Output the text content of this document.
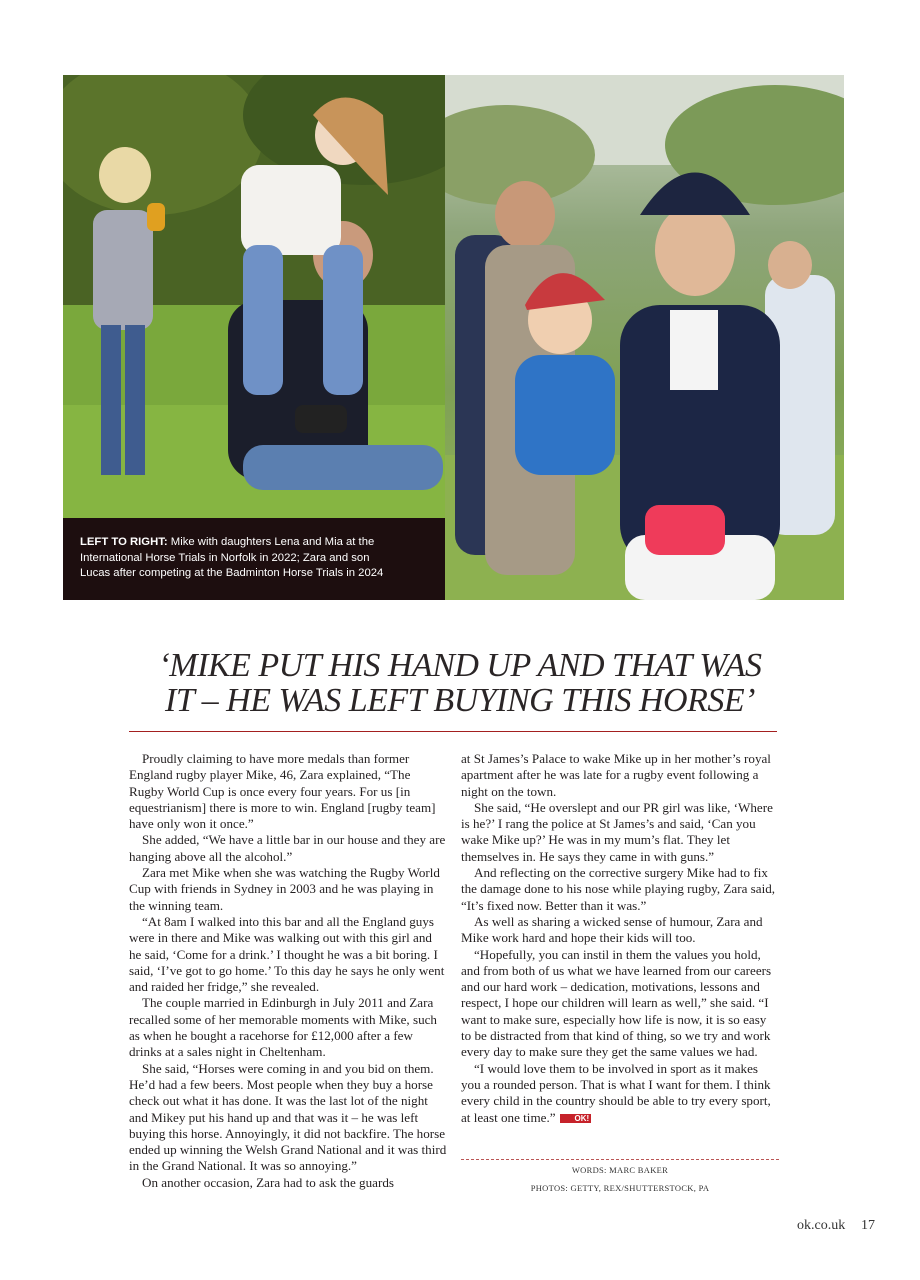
LEFT TO RIGHT: Mike with daughters Lena and Mia at the
International Horse Trials in Norfolk in 2022; Zara and son
Lucas after competing at the Badminton Horse Trials in 2024
‘MIKE PUT HIS HAND UP AND THAT WAS
IT – HE WAS LEFT BUYING THIS HORSE’

Proudly claiming to have more medals than former England rugby player Mike, 46, Zara explained, “The Rugby World Cup is once every four years. For us [in equestrianism] there is more to win. England [rugby team] have only won it once.”

She added, “We have a little bar in our house and they are hanging above all the alcohol.”

Zara met Mike when she was watching the Rugby World Cup with friends in Sydney in 2003 and he was playing in the winning team.

“At 8am I walked into this bar and all the England guys were in there and Mike was walking out with this girl and he said, ‘Come for a drink.’ I thought he was a bit boring. I said, ‘I’ve got to go home.’ To this day he says he only went and raided her fridge,” she revealed.

The couple married in Edinburgh in July 2011 and Zara recalled some of her memorable moments with Mike, such as when he bought a racehorse for £12,000 after a few drinks at a sales night in Cheltenham.

She said, “Horses were coming in and you bid on them. He’d had a few beers. Most people when they buy a horse check out what it has done. It was the last lot of the night and Mikey put his hand up and that was it – he was left buying this horse. Annoyingly, it did not backfire. The horse ended up winning the Welsh Grand National and it was third in the Grand National. It was so annoying.”

On another occasion, Zara had to ask the guards

at St James’s Palace to wake Mike up in her mother’s royal apartment after he was late for a rugby event following a night on the town.

She said, “He overslept and our PR girl was like, ‘Where is he?’ I rang the police at St James’s and said, ‘Can you wake Mike up?’ He was in my mum’s flat. They let themselves in. He says they came in with guns.”

And reflecting on the corrective surgery Mike had to fix the damage done to his nose while playing rugby, Zara said, “It’s fixed now. Better than it was.”

As well as sharing a wicked sense of humour, Zara and Mike work hard and hope their kids will too.

“Hopefully, you can instil in them the values you hold, and from both of us what we have learned from our careers and our hard work – dedication, motivations, lessons and respect, I hope our children will learn as well,” she said. “I want to make sure, especially how life is now, it is so easy to be distracted from that kind of thing, so we try and work every day to make sure they get the same values we had.

“I would love them to be involved in sport as it makes you a rounded person. That is what I want for them. I think every child in the country should be able to try every sport, at least one time.” OK!

WORDS: MARC BAKER
PHOTOS: GETTY, REX/SHUTTERSTOCK, PA
ok.co.uk 17
